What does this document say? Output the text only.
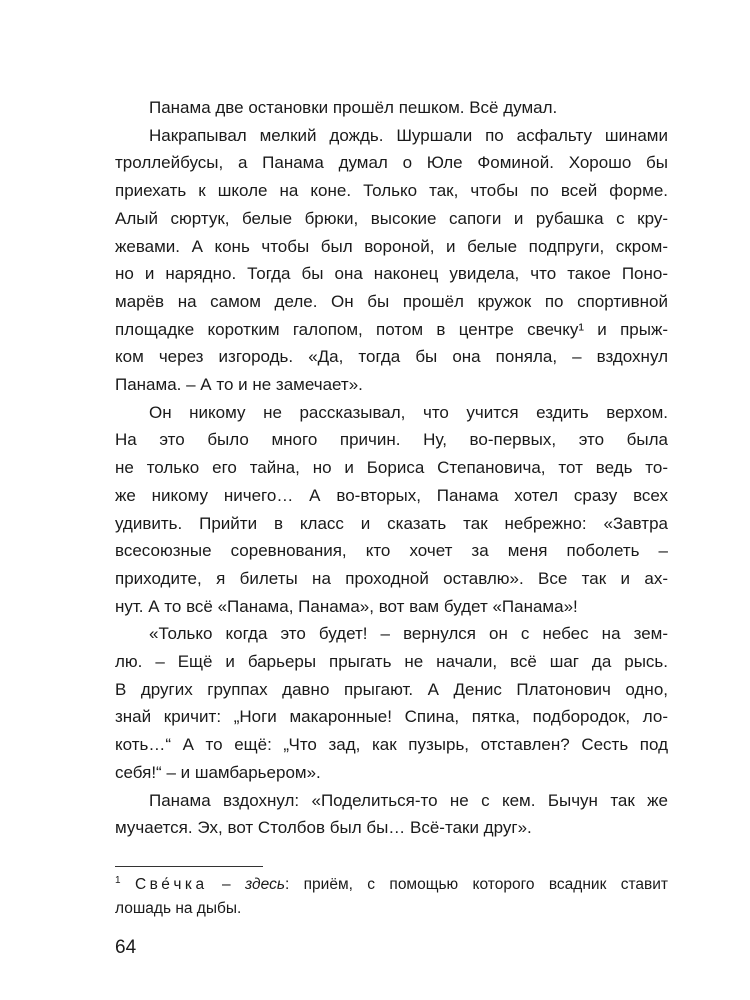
Панама две остановки прошёл пешком. Всё думал.
Накрапывал мелкий дождь. Шуршали по асфальту шинами
троллейбусы, а Панама думал о Юле Фоминой. Хорошо бы
приехать к школе на коне. Только так, чтобы по всей форме.
Алый сюртук, белые брюки, высокие сапоги и рубашка с кру-
жевами. А конь чтобы был вороной, и белые подпруги, скром-
но и нарядно. Тогда бы она наконец увидела, что такое Поно-
марёв на самом деле. Он бы прошёл кружок по спортивной
площадке коротким галопом, потом в центре свечку¹ и прыж-
ком через изгородь. «Да, тогда бы она поняла, – вздохнул
Панама. – А то и не замечает».
Он никому не рассказывал, что учится ездить верхом.
На это было много причин. Ну, во-первых, это была
не только его тайна, но и Бориса Степановича, тот ведь то-
же никому ничего… А во-вторых, Панама хотел сразу всех
удивить. Прийти в класс и сказать так небрежно: «Завтра
всесоюзные соревнования, кто хочет за меня поболеть –
приходите, я билеты на проходной оставлю». Все так и ах-
нут. А то всё «Панама, Панама», вот вам будет «Панама»!
«Только когда это будет! – вернулся он с небес на зем-
лю. – Ещё и барьеры прыгать не начали, всё шаг да рысь.
В других группах давно прыгают. А Денис Платонович одно,
знай кричит: „Ноги макаронные! Спина, пятка, подбородок, ло-
коть…“ А то ещё: „Что зад, как пузырь, отставлен? Сесть под
себя!“ – и шамбарьером».
Панама вздохнул: «Поделиться-то не с кем. Бычун так же
мучается. Эх, вот Столбов был бы… Всё-таки друг».
$^1$ Све́чка – здесь: приём, с помощью которого всадник ставит
лошадь на дыбы.
64
